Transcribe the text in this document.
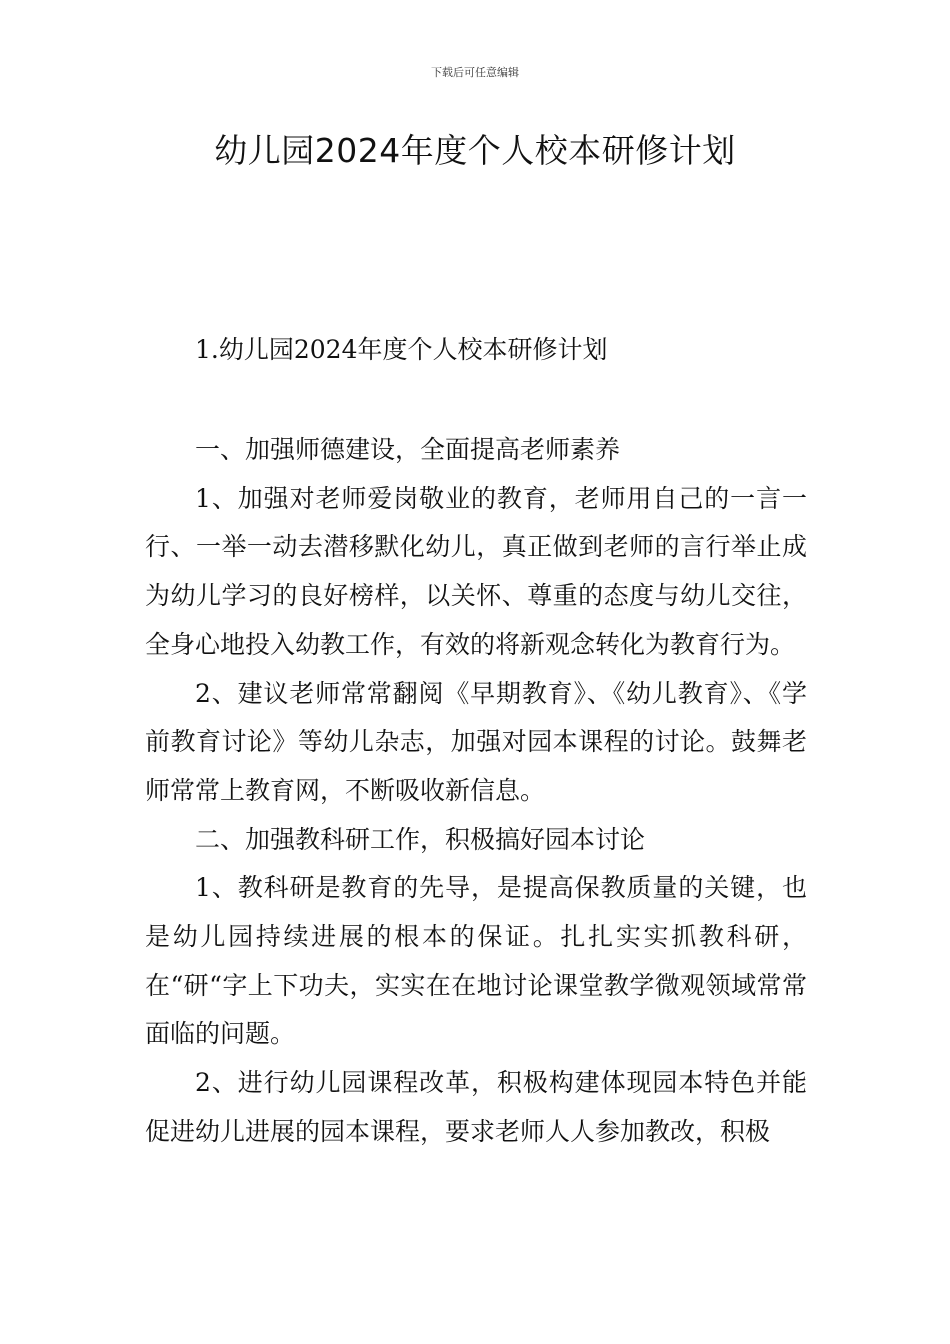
下载后可任意编辑
幼儿园2024年度个人校本研修计划
1.幼儿园2024年度个人校本研修计划

一、加强师德建设，全面提高老师素养

1、加强对老师爱岗敬业的教育，老师用自己的一言一行、一举一动去潜移默化幼儿，真正做到老师的言行举止成为幼儿学习的良好榜样，以关怀、尊重的态度与幼儿交往，全身心地投入幼教工作，有效的将新观念转化为教育行为。

2、建议老师常常翻阅《早期教育》、《幼儿教育》、《学前教育讨论》等幼儿杂志，加强对园本课程的讨论。鼓舞老师常常上教育网，不断吸收新信息。

二、加强教科研工作，积极搞好园本讨论

1、教科研是教育的先导，是提高保教质量的关键，也是幼儿园持续进展的根本的保证。扎扎实实抓教科研，在“研“字上下功夫，实实在在地讨论课堂教学微观领域常常面临的问题。

2、进行幼儿园课程改革，积极构建体现园本特色并能促进幼儿进展的园本课程，要求老师人人参加教改，积极
